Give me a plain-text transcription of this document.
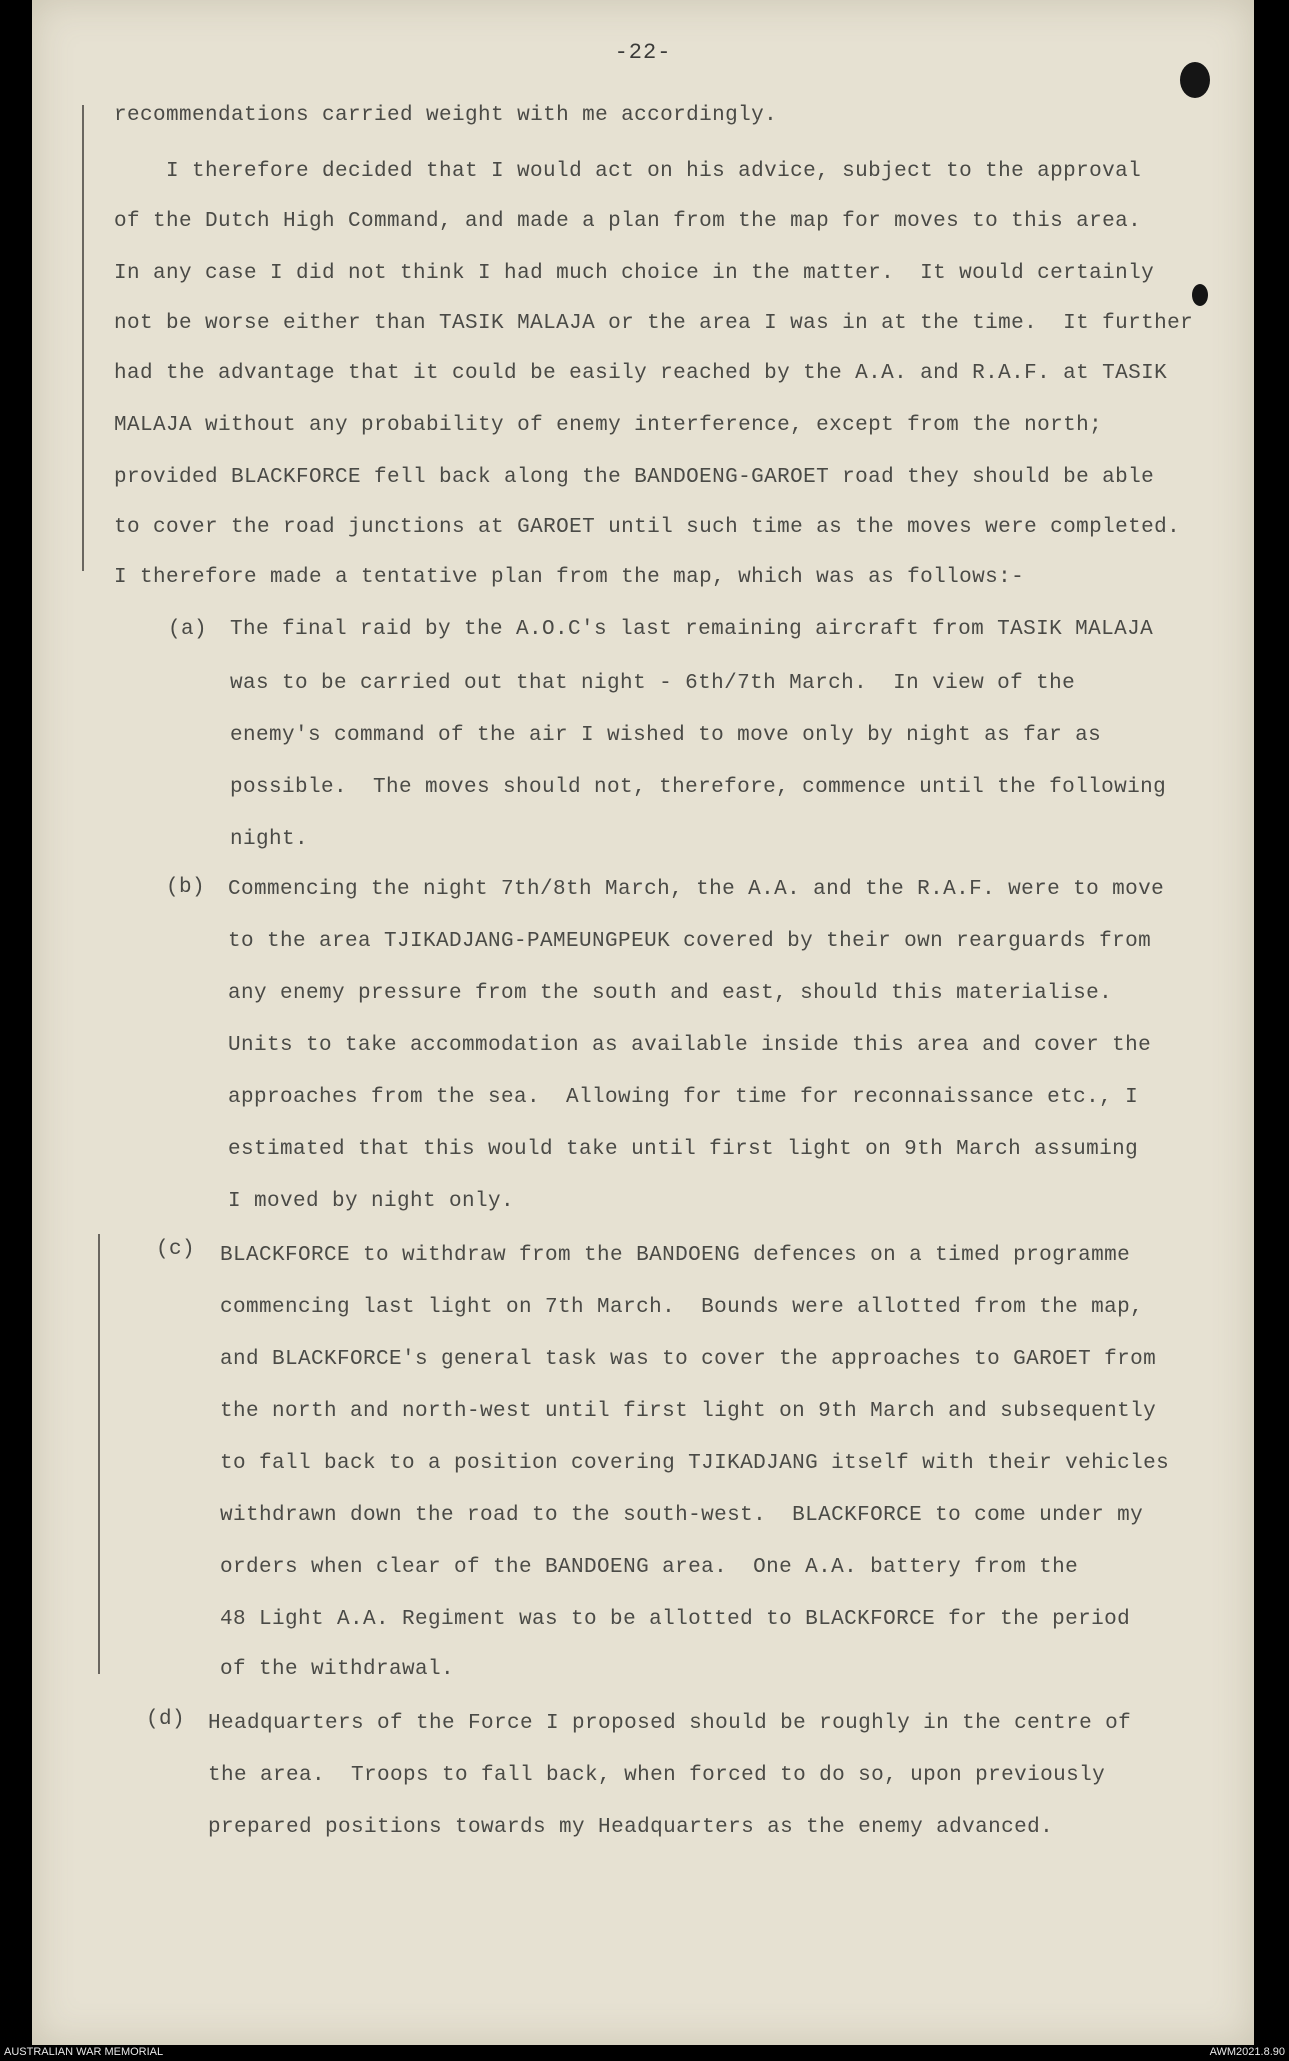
-22-
recommendations carried weight with me accordingly.
I therefore decided that I would act on his advice, subject to the approval
of the Dutch High Command, and made a plan from the map for moves to this area.
In any case I did not think I had much choice in the matter.  It would certainly
not be worse either than TASIK MALAJA or the area I was in at the time.  It further
had the advantage that it could be easily reached by the A.A. and R.A.F. at TASIK
MALAJA without any probability of enemy interference, except from the north;
provided BLACKFORCE fell back along the BANDOENG-GAROET road they should be able
to cover the road junctions at GAROET until such time as the moves were completed.
I therefore made a tentative plan from the map, which was as follows:-
(a) The final raid by the A.O.C's last remaining aircraft from TASIK MALAJA
was to be carried out that night - 6th/7th March.  In view of the
enemy's command of the air I wished to move only by night as far as
possible.  The moves should not, therefore, commence until the following
night.
(b) Commencing the night 7th/8th March, the A.A. and the R.A.F. were to move
to the area TJIKADJANG-PAMEUNGPEUK covered by their own rearguards from
any enemy pressure from the south and east, should this materialise.
Units to take accommodation as available inside this area and cover the
approaches from the sea.  Allowing for time for reconnaissance etc., I
estimated that this would take until first light on 9th March assuming
I moved by night only.
(c) BLACKFORCE to withdraw from the BANDOENG defences on a timed programme
commencing last light on 7th March.  Bounds were allotted from the map,
and BLACKFORCE's general task was to cover the approaches to GAROET from
the north and north-west until first light on 9th March and subsequently
to fall back to a position covering TJIKADJANG itself with their vehicles
withdrawn down the road to the south-west.  BLACKFORCE to come under my
orders when clear of the BANDOENG area.  One A.A. battery from the
48 Light A.A. Regiment was to be allotted to BLACKFORCE for the period
of the withdrawal.
(d) Headquarters of the Force I proposed should be roughly in the centre of
the area.  Troops to fall back, when forced to do so, upon previously
prepared positions towards my Headquarters as the enemy advanced.
AUSTRALIAN WAR MEMORIAL	AWM2021.8.90
